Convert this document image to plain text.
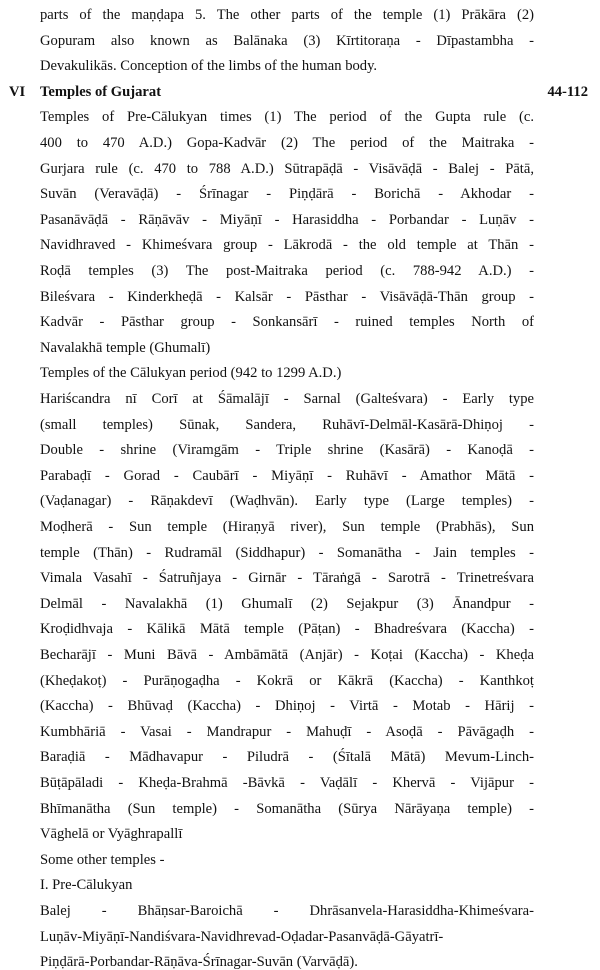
parts of the maṇḍapa 5. The other parts of the temple (1) Prākāra (2)
Gopuram also known as Balānaka (3) Kīrtitoraṇa - Dīpastambha -
Devakulikās. Conception of the limbs of the human body.
VI Temples of Gujarat	44-112
Temples of Pre-Cālukyan times (1) The period of the Gupta rule (c.
400 to 470 A.D.) Gopa-Kadvār (2) The period of the Maitraka -
Gurjara rule (c. 470 to 788 A.D.) Sūtrapāḍā - Visāvāḍā - Balej - Pātā,
Suvān (Veravāḍā) - Śrīnagar - Piṇḍārā - Borichā - Akhodar -
Pasanāvāḍā - Rāṇāvāv - Miyāṇī - Harasiddha - Porbandar - Luṇāv -
Navidhraved - Khimeśvara group - Lākrodā - the old temple at Thān -
Roḍā temples (3) The post-Maitraka period (c. 788-942 A.D.) -
Bileśvara - Kinderkheḍā - Kalsār - Pāsthar - Visāvāḍā-Thān group -
Kadvār - Pāsthar group - Sonkansārī - ruined temples North of
Navalakhā temple (Ghumalī)
Temples of the Cālukyan period (942 to 1299 A.D.)
Hariścandra nī Corī at Śāmalājī - Sarnal (Galteśvara) - Early type
(small temples) Sūnak, Sandera, Ruhāvī-Delmāl-Kasārā-Dhiṇoj -
Double - shrine (Viramgām - Triple shrine (Kasārā) - Kanoḍā -
Parabaḍī - Gorad - Caubārī - Miyāṇī - Ruhāvī - Amathor Mātā -
(Vaḍanagar) - Rāṇakdevī (Waḍhvān). Early type (Large temples) -
Moḍherā - Sun temple (Hiraṇyā river), Sun temple (Prabhās), Sun
temple (Thān) - Rudramāl (Siddhapur) - Somanātha - Jain temples -
Vimala Vasahī - Śatruñjaya - Girnār - Tāraṅgā - Sarotrā - Trinetreśvara
Delmāl - Navalakhā (1) Ghumalī (2) Sejakpur (3) Ānandpur -
Kroḍidhvaja - Kālikā Mātā temple (Pāṭan) - Bhadreśvara (Kaccha) -
Becharājī - Muni Bāvā - Ambāmātā (Anjār) - Koṭai (Kaccha) - Kheḍa
(Kheḍakoṭ) - Purāṇogaḍha - Kokrā or Kākrā (Kaccha) - Kanthkoṭ
(Kaccha) - Bhūvaḍ (Kaccha) - Dhiṇoj - Virtā - Motab - Hārij -
Kumbhāriā - Vasai - Mandrapur - Mahuḍī - Asoḍā - Pāvāgaḍh -
Baraḍiā - Mādhavapur - Piludrā - (Śītalā Mātā) Mevum-Linch-
Būṭāpāladi - Kheḍa-Brahmā -Bāvkā - Vaḍālī - Khervā - Vijāpur -
Bhīmanātha (Sun temple) - Somanātha (Sūrya Nārāyaṇa temple) -
Vāghelā or Vyāghrapallī
Some other temples -
I. Pre-Cālukyan
Balej - Bhāṇsar-Baroichā - Dhrāsanvela-Harasiddha-Khimeśvara-
Luṇāv-Miyāṇī-Nandiśvara-Navidhrevad-Oḍadar-Pasanvāḍā-Gāyatrī-
Piṇḍārā-Porbandar-Rāṇāva-Śrīnagar-Suvān (Varvāḍā).
